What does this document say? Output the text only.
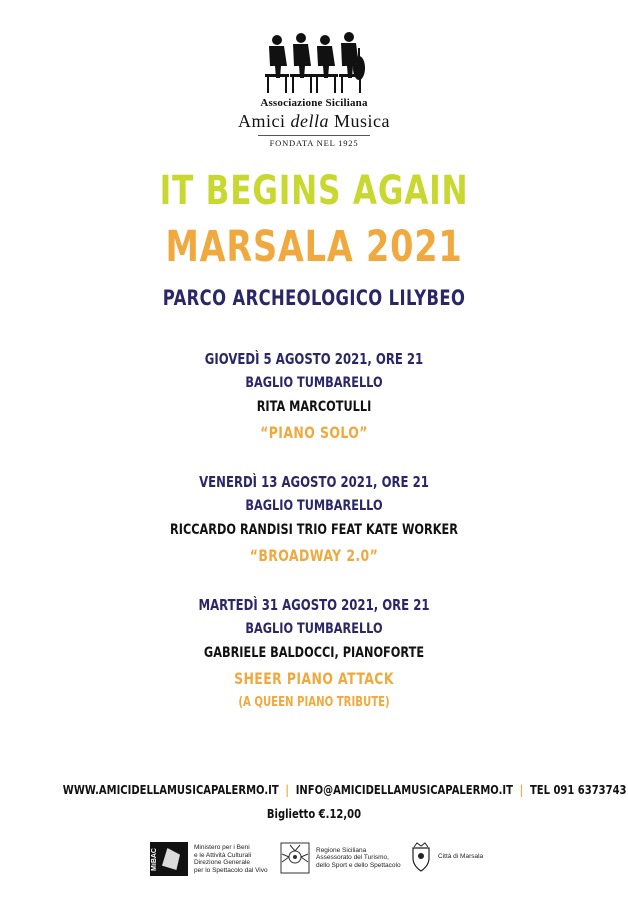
Associazione Siciliana
Amici della Musica
FONDATA NEL 1925
IT BEGINS AGAIN
MARSALA 2021
PARCO ARCHEOLOGICO LILYBEO
GIOVEDÌ 5 AGOSTO 2021, ORE 21
BAGLIO TUMBARELLO
RITA MARCOTULLI
“PIANO SOLO”
VENERDÌ 13 AGOSTO 2021, ORE 21
BAGLIO TUMBARELLO
RICCARDO RANDISI TRIO FEAT KATE WORKER
“BROADWAY 2.0”
MARTEDÌ 31 AGOSTO 2021, ORE 21
BAGLIO TUMBARELLO
GABRIELE BALDOCCI, PIANOFORTE
SHEER PIANO ATTACK
(A QUEEN PIANO TRIBUTE)
WWW.AMICIDELLAMUSICAPALERMO.IT | INFO@AMICIDELLAMUSICAPALERMO.IT | TEL 091 6373743
Biglietto €.12,00
MiBAC
Ministero per i Beni
e le Attività Culturali
Direzione Generale
per lo Spettacolo dal Vivo
Regione Siciliana
Assessorato del Turismo,
dello Sport e dello Spettacolo
Città di Marsala
